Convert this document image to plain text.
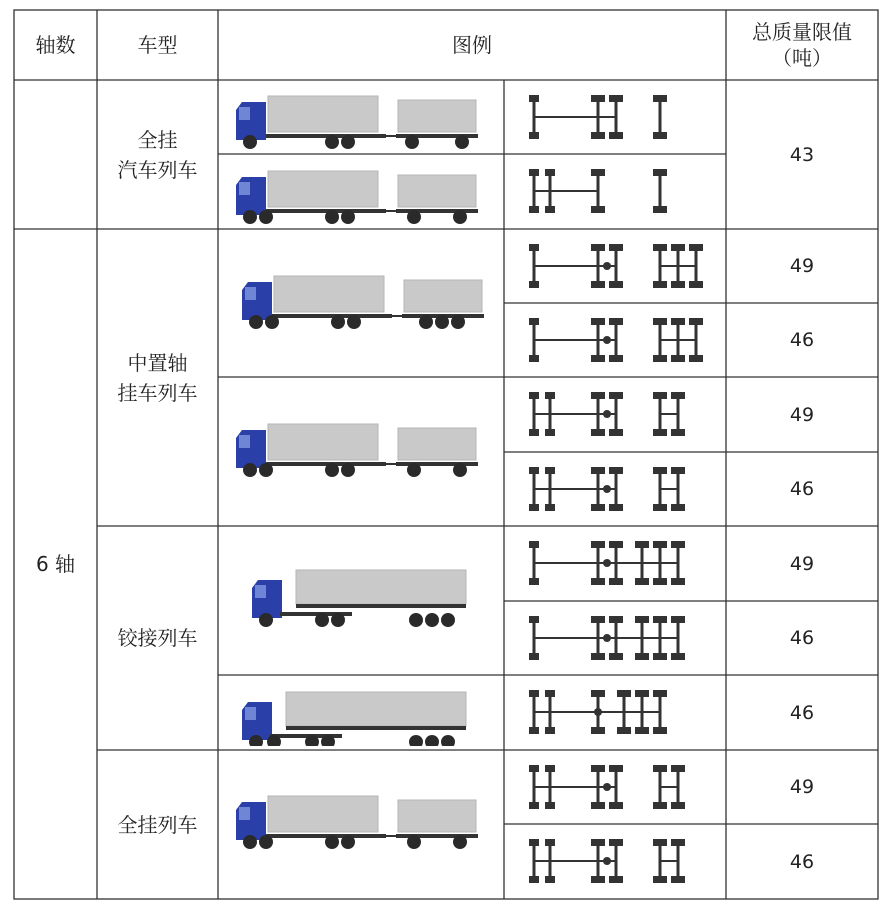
轴数	车型	图例
总质量限值
（吨）
6 轴
全挂
汽车列车
中置轴
挂车列车
铰接列车
全挂列车
43
49
46
49
46
49
46
46
49
46
